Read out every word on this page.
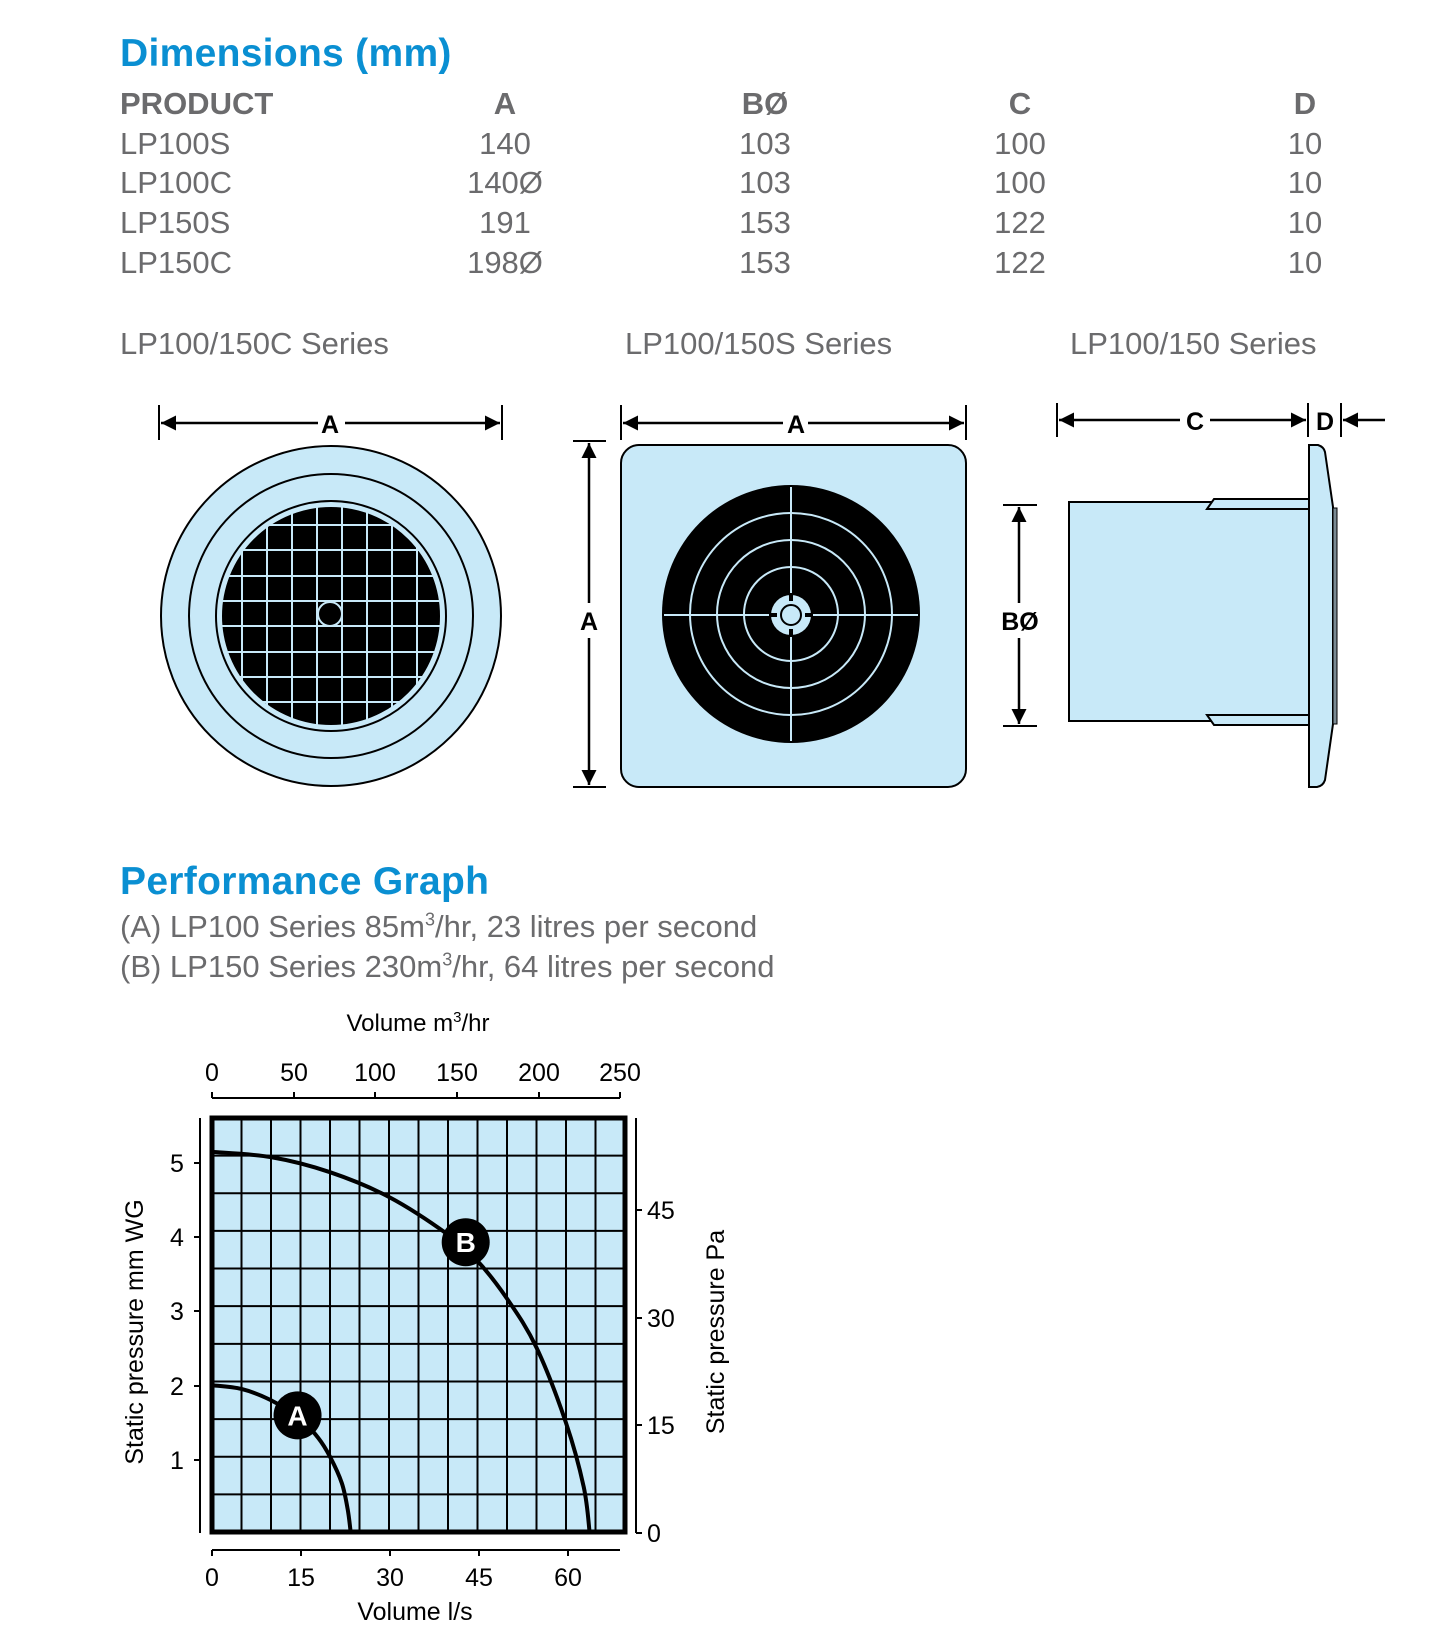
Dimensions (mm)
PRODUCT	A	BØ	C	D
LP100S	140	103	100	10
LP100C	140Ø	103	100	10
LP150S	191	153	122	10
LP150C	198Ø	153	122	10
LP100/150C Series	LP100/150S Series	LP100/150 Series
A	A
A
C	D
BØ
Performance Graph
(A) LP100 Series $85m^3/hr$, 23 litres per second
(B) LP150 Series $230m^3/hr$, 64 litres per second
A
B
0 50 100 150 200 250
Volume $m^3/hr$
0	15 30 45 60
Volume l/s
1
2
3
4
5
Static pressure mm WG
0
15
30
45
Static pressure Pa
